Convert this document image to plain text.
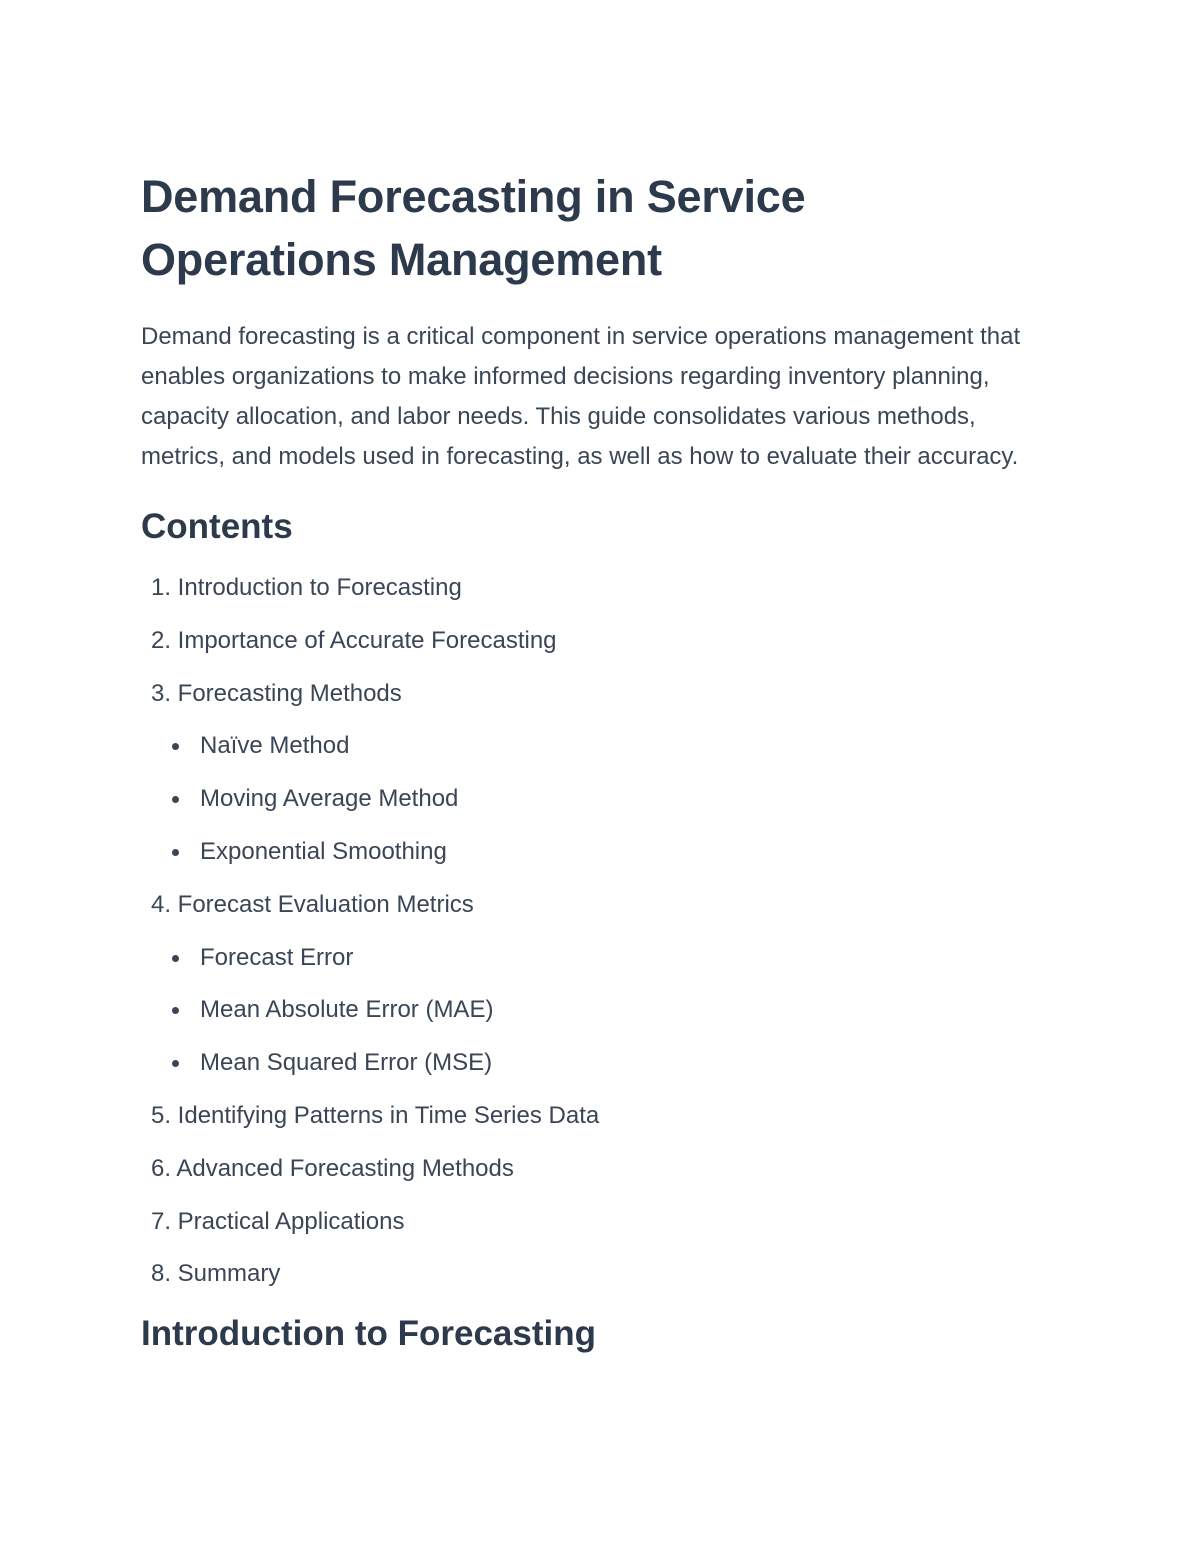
Demand Forecasting in Service Operations Management

Demand forecasting is a critical component in service operations management that enables organizations to make informed decisions regarding inventory planning, capacity allocation, and labor needs. This guide consolidates various methods, metrics, and models used in forecasting, as well as how to evaluate their accuracy.

Contents
1. Introduction to Forecasting
2. Importance of Accurate Forecasting
3. Forecasting Methods
Naïve Method
Moving Average Method
Exponential Smoothing
4. Forecast Evaluation Metrics
Forecast Error
Mean Absolute Error (MAE)
Mean Squared Error (MSE)
5. Identifying Patterns in Time Series Data
6. Advanced Forecasting Methods
7. Practical Applications
8. Summary
Introduction to Forecasting
